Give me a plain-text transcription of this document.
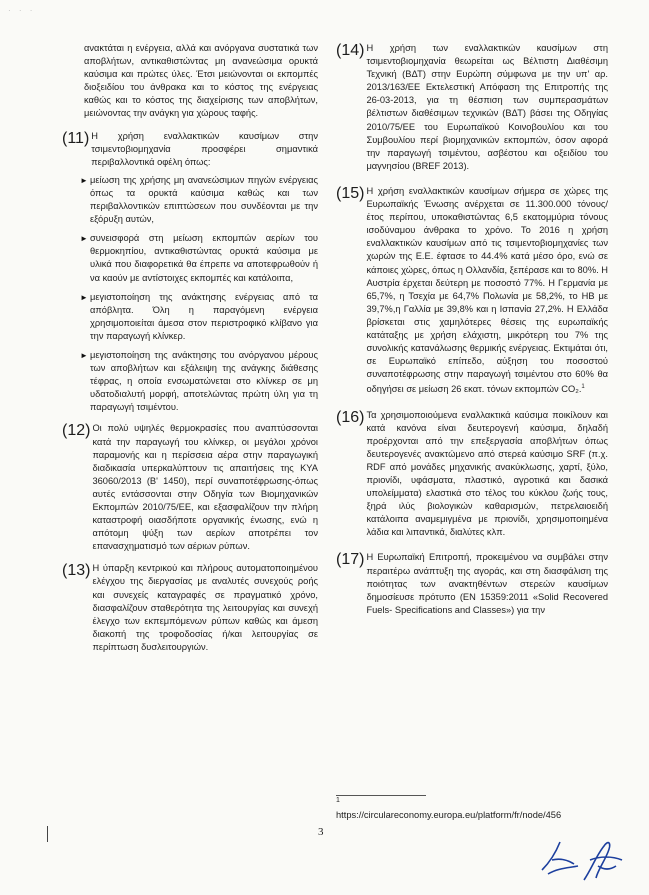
· · ·

ανακτάται η ενέργεια, αλλά και ανόργανα συστατικά των αποβλήτων, αντικαθιστώντας μη ανανεώσιμα ορυκτά καύσιμα και πρώτες ύλες. Έτσι μειώνονται οι εκπομπές διοξειδίου του άνθρακα και το κόστος της ενέργειας καθώς και το κόστος της διαχείρισης των αποβλήτων, μειώνοντας την ανάγκη για χώρους ταφής.

(11) Η χρήση εναλλακτικών καυσίμων στην τσιμεντοβιομηχανία προσφέρει σημαντικά περιβαλλοντικά οφέλη όπως:

► μείωση της χρήσης μη ανανεώσιμων πηγών ενέργειας όπως τα ορυκτά καύσιμα καθώς και των περιβαλλοντικών επιπτώσεων που συνδέονται με την εξόρυξη αυτών,
► συνεισφορά στη μείωση εκπομπών αερίων του θερμοκηπίου, αντικαθιστώντας ορυκτά καύσιμα με υλικά που διαφορετικά θα έπρεπε να αποτεφρωθούν ή να καούν με αντίστοιχες εκπομπές και κατάλοιπα,
► μεγιστοποίηση της ανάκτησης ενέργειας από τα απόβλητα. Όλη η παραγόμενη ενέργεια χρησιμοποιείται άμεσα στον περιστροφικό κλίβανο για την παραγωγή κλίνκερ.
► μεγιστοποίηση της ανάκτησης του ανόργανου μέρους των αποβλήτων και εξάλειψη της ανάγκης διάθεσης τέφρας, η οποία ενσωματώνεται στο κλίνκερ σε μη υδατοδιαλυτή μορφή, αποτελώντας πρώτη ύλη για τη παραγωγή τσιμέντου.
(12) Οι πολύ υψηλές θερμοκρασίες που αναπτύσσονται κατά την παραγωγή του κλίνκερ, οι μεγάλοι χρόνοι παραμονής και η περίσσεια αέρα στην παραγωγική διαδικασία υπερκαλύπτουν τις απαιτήσεις της ΚΥΑ 36060/2013 (Β' 1450), περί συναποτέφρωσης-όπως αυτές εντάσσονται στην Οδηγία των Βιομηχανικών Εκπομπών 2010/75/ΕΕ, και εξασφαλίζουν την πλήρη καταστροφή οιασδήποτε οργανικής ένωσης, ενώ η απότομη ψύξη των αερίων αποτρέπει τον επανασχηματισμό των αέριων ρύπων.

(13) Η ύπαρξη κεντρικού και πλήρους αυτοματοποιημένου ελέγχου της διεργασίας με αναλυτές συνεχούς ροής και συνεχείς καταγραφές σε πραγματικό χρόνο, διασφαλίζουν σταθερότητα της λειτουργίας και συνεχή έλεγχο των εκπεμπόμενων ρύπων καθώς και άμεση διακοπή της τροφοδοσίας ή/και λειτουργίας σε περίπτωση δυσλειτουργιών.

(14) Η χρήση των εναλλακτικών καυσίμων στη τσιμεντοβιομηχανία θεωρείται ως Βέλτιστη Διαθέσιμη Τεχνική (ΒΔΤ) στην Ευρώπη σύμφωνα με την υπ' αρ. 2013/163/ΕΕ Εκτελεστική Απόφαση της Επιτροπής της 26-03-2013, για τη θέσπιση των συμπερασμάτων βέλτιστων διαθέσιμων τεχνικών (ΒΔΤ) βάσει της Οδηγίας 2010/75/ΕΕ του Ευρωπαϊκού Κοινοβουλίου και του Συμβουλίου περί βιομηχανικών εκπομπών, όσον αφορά την παραγωγή τσιμέντου, ασβέστου και οξειδίου του μαγνησίου (BREF 2013).

(15) Η χρήση εναλλακτικών καυσίμων σήμερα σε χώρες της Ευρωπαϊκής Ένωσης ανέρχεται σε 11.300.000 τόνους/έτος περίπου, υποκαθιστώντας 6,5 εκατομμύρια τόνους ισοδύναμου άνθρακα το χρόνο. Το 2016 η χρήση εναλλακτικών καυσίμων από τις τσιμεντοβιομηχανίες των χωρών της Ε.Ε. έφτασε το 44.4% κατά μέσο όρο, ενώ σε κάποιες χώρες, όπως η Ολλανδία, ξεπέρασε και το 80%. Η Αυστρία έρχεται δεύτερη με ποσοστό 77%. Η Γερμανία με 65,7%, η Τσεχία με 64,7% Πολωνία με 58,2%, το ΗΒ με 39,7%,η Γαλλία με 39,8% και η Ισπανία 27,2%. Η Ελλάδα βρίσκεται στις χαμηλότερες θέσεις της ευρωπαϊκής κατάταξης με χρήση ελάχιστη, μικρότερη του 7% της συνολικής κατανάλωσης θερμικής ενέργειας. Εκτιμάται ότι, σε Ευρωπαϊκό επίπεδο, αύξηση του ποσοστού συναποτέφρωσης στην παραγωγή τσιμέντου στο 60% θα οδηγήσει σε μείωση 26 εκατ. τόνων εκπομπών CO₂.$^1$

(16) Τα χρησιμοποιούμενα εναλλακτικά καύσιμα ποικίλουν και κατά κανόνα είναι δευτερογενή καύσιμα, δηλαδή προέρχονται από την επεξεργασία αποβλήτων όπως δευτερογενές ανακτώμενο από στερεά καύσιμο SRF (π.χ. RDF από μονάδες μηχανικής ανακύκλωσης, χαρτί, ξύλο, πριονίδι, υφάσματα, πλαστικό, αγροτικά και δασικά υπολείμματα) ελαστικά στο τέλος του κύκλου ζωής τους, ξηρά ιλύς βιολογικών καθαρισμών, πετρελαιοειδή κατάλοιπα αναμεμιγμένα με πριονίδι, χρησιμοποιημένα λάδια και λιπαντικά, διαλύτες κλπ.

(17) Η Ευρωπαϊκή Επιτροπή, προκειμένου να συμβάλει στην περαιτέρω ανάπτυξη της αγοράς, και στη διασφάλιση της ποιότητας των ανακτηθέντων στερεών καυσίμων δημοσίευσε πρότυπο (EN 15359:2011 «Solid Recovered Fuels- Specifications and Classes») για την

1
https://circulareconomy.europa.eu/platform/fr/node/456
3
